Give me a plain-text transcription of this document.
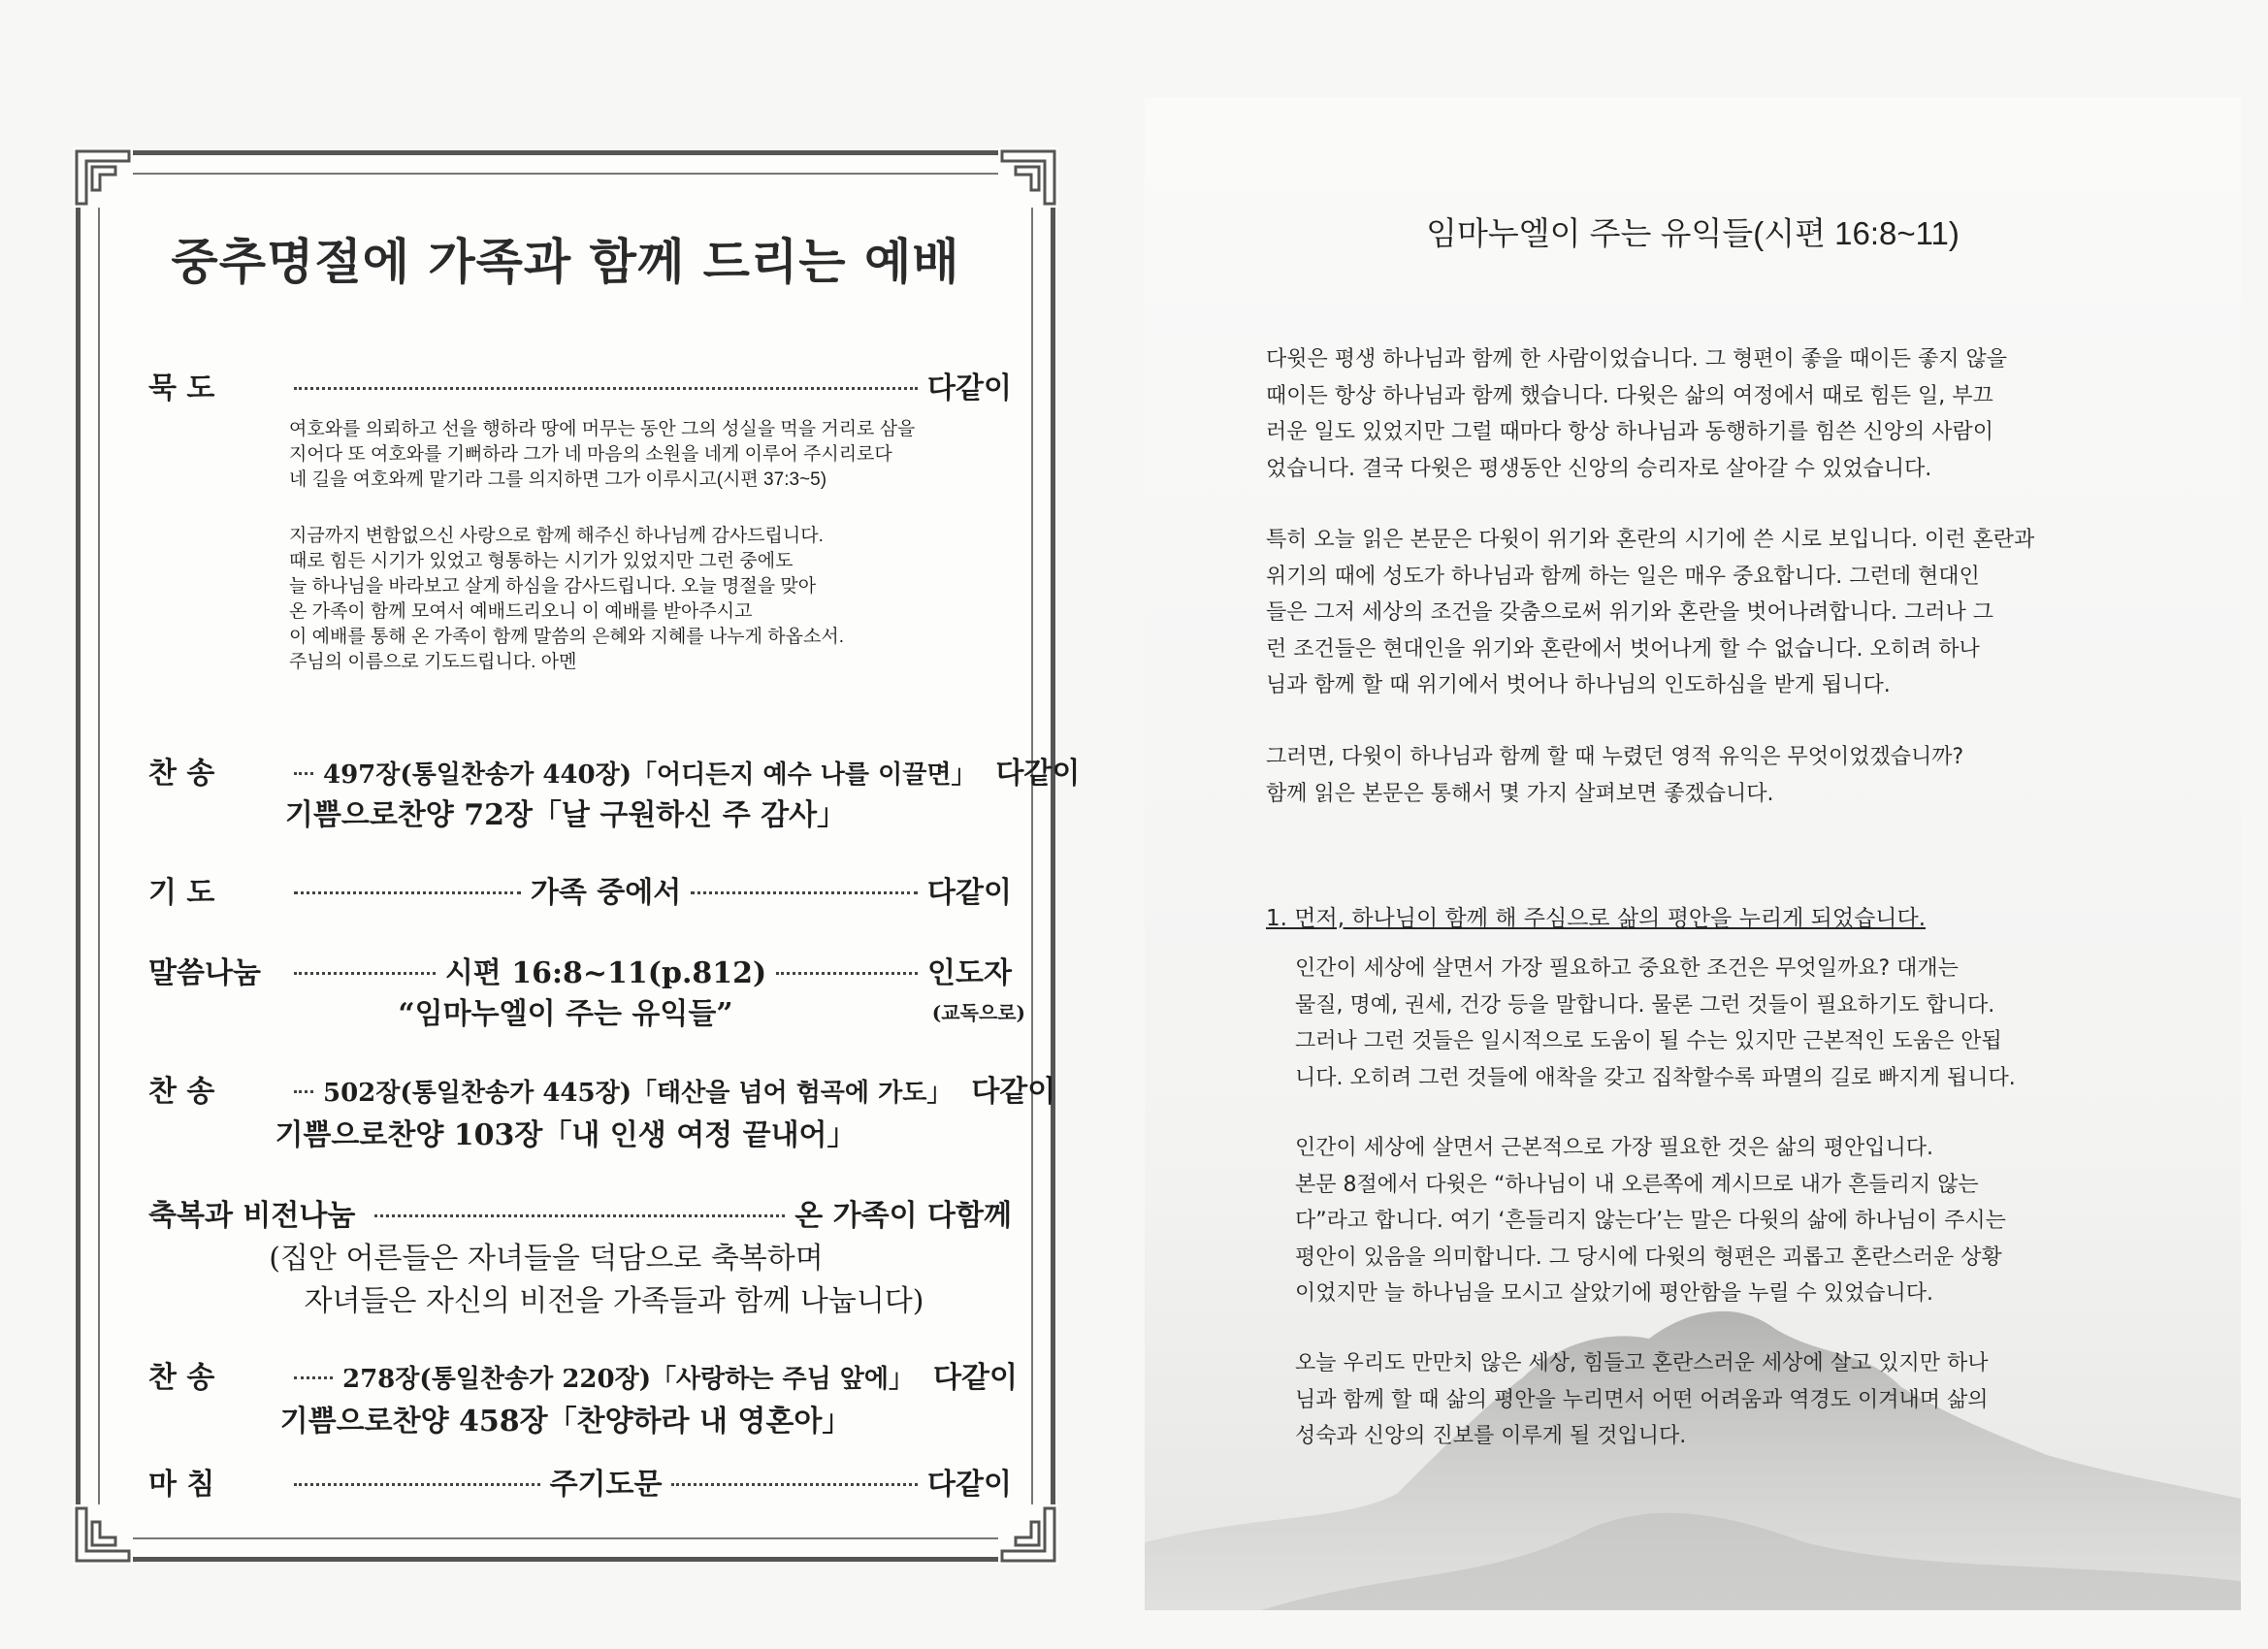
임마누엘이 주는 유익들(시편 16:8~11)

다윗은 평생 하나님과 함께 한 사람이었습니다. 그 형편이 좋을 때이든 좋지 않을

때이든 항상 하나님과 함께 했습니다. 다윗은 삶의 여정에서 때로 힘든 일, 부끄

러운 일도 있었지만 그럴 때마다 항상 하나님과 동행하기를 힘쓴 신앙의 사람이

었습니다. 결국 다윗은 평생동안 신앙의 승리자로 살아갈 수 있었습니다.

특히 오늘 읽은 본문은 다윗이 위기와 혼란의 시기에 쓴 시로 보입니다. 이런 혼란과

위기의 때에 성도가 하나님과 함께 하는 일은 매우 중요합니다. 그런데 현대인

들은 그저 세상의 조건을 갖춤으로써 위기와 혼란을 벗어나려합니다. 그러나 그

런 조건들은 현대인을 위기와 혼란에서 벗어나게 할 수 없습니다. 오히려 하나

님과 함께 할 때 위기에서 벗어나 하나님의 인도하심을 받게 됩니다.

그러면, 다윗이 하나님과 함께 할 때 누렸던 영적 유익은 무엇이었겠습니까?

함께 읽은 본문은 통해서 몇 가지 살펴보면 좋겠습니다.

1. 먼저, 하나님이 함께 해 주심으로 삶의 평안을 누리게 되었습니다.

인간이 세상에 살면서 가장 필요하고 중요한 조건은 무엇일까요? 대개는

물질, 명예, 권세, 건강 등을 말합니다. 물론 그런 것들이 필요하기도 합니다.

그러나 그런 것들은 일시적으로 도움이 될 수는 있지만 근본적인 도움은 안됩

니다. 오히려 그런 것들에 애착을 갖고 집착할수록 파멸의 길로 빠지게 됩니다.

인간이 세상에 살면서 근본적으로 가장 필요한 것은 삶의 평안입니다.

본문 8절에서 다윗은 “하나님이 내 오른쪽에 계시므로 내가 흔들리지 않는

다”라고 합니다. 여기 ‘흔들리지 않는다’는 말은 다윗의 삶에 하나님이 주시는

평안이 있음을 의미합니다. 그 당시에 다윗의 형편은 괴롭고 혼란스러운 상황

이었지만 늘 하나님을 모시고 살았기에 평안함을 누릴 수 있었습니다.

오늘 우리도 만만치 않은 세상, 힘들고 혼란스러운 세상에 살고 있지만 하나

님과 함께 할 때 삶의 평안을 누리면서 어떤 어려움과 역경도 이겨내며 삶의

성숙과 신앙의 진보를 이루게 될 것입니다.

중추명절에 가족과 함께 드리는 예배
묵 도	다같이

여호와를 의뢰하고 선을 행하라 땅에 머무는 동안 그의 성실을 먹을 거리로 삼을

지어다 또 여호와를 기뻐하라 그가 네 마음의 소원을 네게 이루어 주시리로다

네 길을 여호와께 맡기라 그를 의지하면 그가 이루시고(시편 37:3~5)

지금까지 변함없으신 사랑으로 함께 해주신 하나님께 감사드립니다.

때로 힘든 시기가 있었고 형통하는 시기가 있었지만 그런 중에도

늘 하나님을 바라보고 살게 하심을 감사드립니다. 오늘 명절을 맞아

온 가족이 함께 모여서 예배드리오니 이 예배를 받아주시고

이 예배를 통해 온 가족이 함께 말씀의 은혜와 지혜를 나누게 하옵소서.

주님의 이름으로 기도드립니다. 아멘

찬 송	497장(통일찬송가 440장)「어디든지 예수 나를 이끌면」 다같이
기쁨으로찬양 72장「날 구원하신 주 감사」
기 도	가족 중에서	다같이
말씀나눔	시편 16:8~11(p.812)	인도자
“임마누엘이 주는 유익들”	(교독으로)
찬 송	502장(통일찬송가 445장)「태산을 넘어 험곡에 가도」 다같이
기쁨으로찬양 103장「내 인생 여정 끝내어」
축복과 비전나눔	온 가족이 다함께
(집안 어른들은 자녀들을 덕담으로 축복하며
자녀들은 자신의 비전을 가족들과 함께 나눕니다)
찬 송	278장(통일찬송가 220장)「사랑하는 주님 앞에」 다같이
기쁨으로찬양 458장「찬양하라 내 영혼아」
마 침	주기도문	다같이
